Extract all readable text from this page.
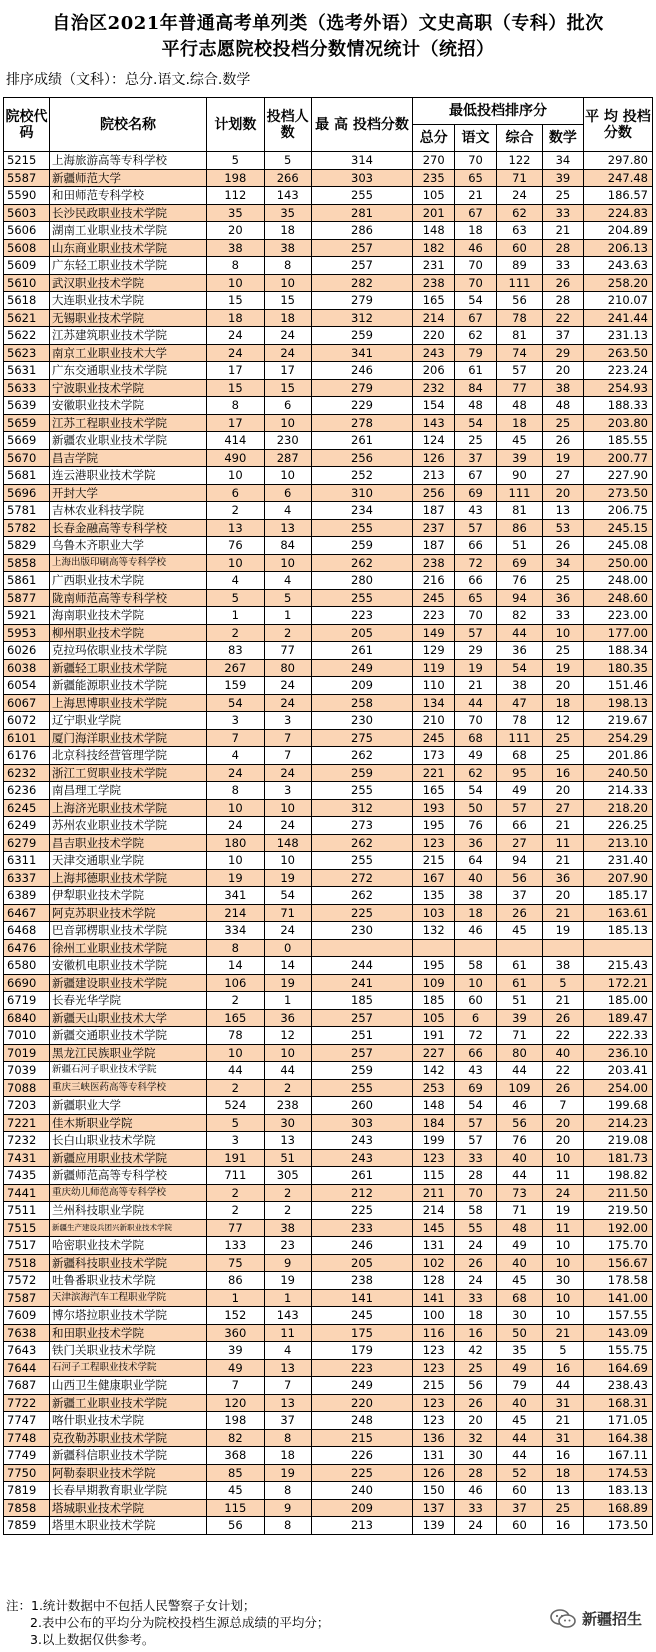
自治区2021年普通高考单列类（选考外语）文史高职（专科）批次
平行志愿院校投档分数情况统计（统招）
排序成绩（文科）：总分.语文.综合.数学
院校代码	院校名称	计划数	投档人数	最 高 投档分数	最低投档排序分				平 均 投档分数
					总分	语文	综合	数学	
5215	上海旅游高等专科学校	5	5	314	270	70	122	34	297.80
5587	新疆师范大学	198	266	303	235	65	71	39	247.48
5590	和田师范专科学校	112	143	255	105	21	24	25	186.57
5603	长沙民政职业技术学院	35	35	281	201	67	62	33	224.83
5606	湖南工业职业技术学院	20	18	286	148	18	63	21	204.89
5608	山东商业职业技术学院	38	38	257	182	46	60	28	206.13
5609	广东轻工职业技术学院	8	8	257	231	70	89	33	243.63
5610	武汉职业技术学院	10	10	282	238	70	111	26	258.20
5618	大连职业技术学院	15	15	279	165	54	56	28	210.07
5621	无锡职业技术学院	18	18	312	214	67	78	22	241.44
5622	江苏建筑职业技术学院	24	24	259	220	62	81	37	231.13
5623	南京工业职业技术大学	24	24	341	243	79	74	29	263.50
5631	广东交通职业技术学院	17	17	246	206	61	57	20	223.24
5633	宁波职业技术学院	15	15	279	232	84	77	38	254.93
5639	安徽职业技术学院	8	6	229	154	48	48	48	188.33
5659	江苏工程职业技术学院	17	10	278	143	54	18	25	203.80
5669	新疆农业职业技术学院	414	230	261	124	25	45	26	185.55
5670	昌吉学院	490	287	256	126	37	39	19	200.77
5681	连云港职业技术学院	10	10	252	213	67	90	27	227.90
5696	开封大学	6	6	310	256	69	111	20	273.50
5781	吉林农业科技学院	2	4	234	187	43	81	13	206.75
5782	长春金融高等专科学校	13	13	255	237	57	86	53	245.15
5829	乌鲁木齐职业大学	76	84	259	187	66	51	26	245.08
5858	上海出版印刷高等专科学校	10	10	262	238	72	69	34	250.00
5861	广西职业技术学院	4	4	280	216	66	76	25	248.00
5877	陇南师范高等专科学校	5	5	255	245	65	94	36	248.60
5921	海南职业技术学院	1	1	223	223	70	82	33	223.00
5953	柳州职业技术学院	2	2	205	149	57	44	10	177.00
6026	克拉玛依职业技术学院	83	77	261	129	29	36	25	188.34
6038	新疆轻工职业技术学院	267	80	249	119	19	54	19	180.35
6054	新疆能源职业技术学院	159	24	209	110	21	38	20	151.46
6067	上海思博职业技术学院	54	24	258	134	44	47	18	198.13
6072	辽宁职业学院	3	3	230	210	70	78	12	219.67
6101	厦门海洋职业技术学院	7	7	275	245	68	111	25	254.29
6176	北京科技经营管理学院	4	7	262	173	49	68	25	201.86
6232	浙江工贸职业技术学院	24	24	259	221	62	95	16	240.50
6236	南昌理工学院	8	3	255	165	54	49	20	214.33
6245	上海济光职业技术学院	10	10	312	193	50	57	27	218.20
6249	苏州农业职业技术学院	24	24	273	195	76	66	21	226.25
6279	昌吉职业技术学院	180	148	262	123	36	27	11	213.10
6311	天津交通职业学院	10	10	255	215	64	94	21	231.40
6337	上海邦德职业技术学院	19	19	272	167	40	56	36	207.90
6389	伊犁职业技术学院	341	54	262	135	38	37	20	185.17
6467	阿克苏职业技术学院	214	71	225	103	18	26	21	163.61
6468	巴音郭楞职业技术学院	334	24	230	132	46	45	19	185.13
6476	徐州工业职业技术学院	8	0						
6580	安徽机电职业技术学院	14	14	244	195	58	61	38	215.43
6690	新疆建设职业技术学院	106	19	241	109	10	61	5	172.21
6719	长春光华学院	2	1	185	185	60	51	21	185.00
6840	新疆天山职业技术大学	165	36	257	105	6	39	26	189.47
7010	新疆交通职业技术学院	78	12	251	191	72	71	22	222.33
7019	黑龙江民族职业学院	10	10	257	227	66	80	40	236.10
7039	新疆石河子职业技术学院	44	44	259	142	43	44	22	203.41
7088	重庆三峡医药高等专科学校	2	2	255	253	69	109	26	254.00
7203	新疆职业大学	524	238	260	148	54	46	7	199.68
7221	佳木斯职业学院	5	30	303	184	57	56	20	214.23
7232	长白山职业技术学院	3	13	243	199	57	76	20	219.08
7431	新疆应用职业技术学院	191	51	243	123	33	40	10	181.73
7435	新疆师范高等专科学校	711	305	261	115	28	44	11	198.82
7441	重庆幼儿师范高等专科学校	2	2	212	211	70	73	24	211.50
7511	兰州科技职业学院	2	2	225	214	58	71	19	219.50
7515	新疆生产建设兵团兴新职业技术学院	77	38	233	145	55	48	11	192.00
7517	哈密职业技术学院	133	23	246	131	24	49	10	175.70
7518	新疆科技职业技术学院	75	9	205	102	26	40	10	156.67
7572	吐鲁番职业技术学院	86	19	238	128	24	45	30	178.58
7587	天津滨海汽车工程职业学院	1	1	141	141	33	68	10	141.00
7609	博尔塔拉职业技术学院	152	143	245	100	18	30	10	157.55
7638	和田职业技术学院	360	11	175	116	16	50	21	143.09
7643	铁门关职业技术学院	39	4	179	123	42	35	5	155.75
7644	石河子工程职业技术学院	49	13	223	123	25	49	16	164.69
7687	山西卫生健康职业学院	7	7	249	215	56	79	44	238.43
7722	新疆工业职业技术学院	120	13	220	123	26	40	31	168.31
7747	喀什职业技术学院	198	37	248	123	20	45	21	171.05
7748	克孜勒苏职业技术学院	82	8	215	136	32	44	31	164.38
7749	新疆科信职业技术学院	368	18	226	131	30	44	16	167.11
7750	阿勒泰职业技术学院	85	19	225	126	28	52	18	174.53
7819	长春早期教育职业学院	45	8	240	150	46	60	13	183.13
7858	塔城职业技术学院	115	9	209	137	33	37	25	168.89
7859	塔里木职业技术学院	56	8	213	139	24	60	16	173.50
注：1.统计数据中不包括人民警察子女计划；
2.表中公布的平均分为院校投档生源总成绩的平均分；
3.以上数据仅供参考。
新疆招生
